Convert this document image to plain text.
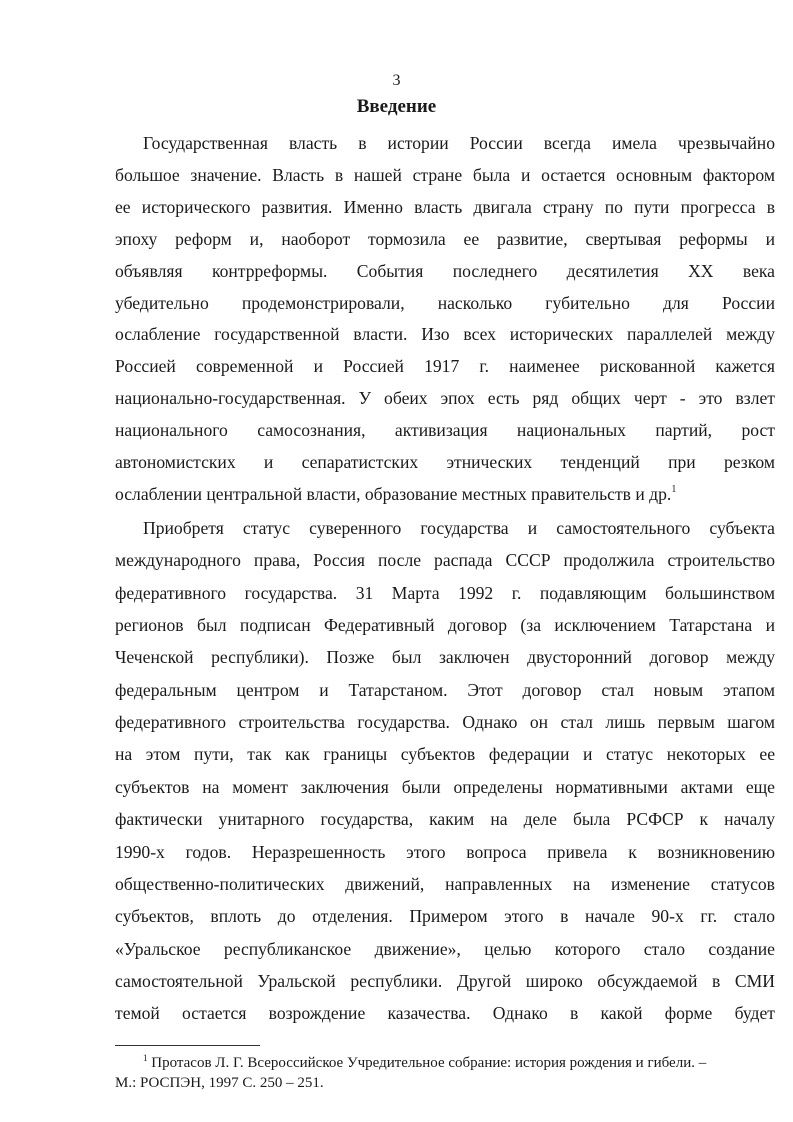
3
Введение
Государственная власть в истории России всегда имела чрезвычайно
большое значение. Власть в нашей стране была и остается основным фактором
ее исторического развития. Именно власть двигала страну по пути прогресса в
эпоху реформ и, наоборот тормозила ее развитие, свертывая реформы и
объявляя контрреформы. События последнего десятилетия XX века
убедительно продемонстрировали, насколько губительно для России
ослабление государственной власти. Изо всех исторических параллелей между
Россией современной и Россией 1917 г. наименее рискованной кажется
национально-государственная. У обеих эпох есть ряд общих черт - это взлет
национального самосознания, активизация национальных партий, рост
автономистских и сепаратистских этнических тенденций при резком
ослаблении центральной власти, образование местных правительств и др.$^1$
Приобретя статус суверенного государства и самостоятельного субъекта
международного права, Россия после распада СССР продолжила строительство
федеративного государства. 31 Марта 1992 г. подавляющим большинством
регионов был подписан Федеративный договор (за исключением Татарстана и
Чеченской республики). Позже был заключен двусторонний договор между
федеральным центром и Татарстаном. Этот договор стал новым этапом
федеративного строительства государства. Однако он стал лишь первым шагом
на этом пути, так как границы субъектов федерации и статус некоторых ее
субъектов на момент заключения были определены нормативными актами еще
фактически унитарного государства, каким на деле была РСФСР к началу
1990-х годов. Неразрешенность этого вопроса привела к возникновению
общественно-политических движений, направленных на изменение статусов
субъектов, вплоть до отделения. Примером этого в начале 90-х гг. стало
«Уральское республиканское движение», целью которого стало создание
самостоятельной Уральской республики. Другой широко обсуждаемой в СМИ
темой остается возрождение казачества. Однако в какой форме будет
$^1$ Протасов Л. Г. Всероссийское Учредительное собрание: история рождения и гибели. –
М.: РОСПЭН, 1997 С. 250 – 251.
